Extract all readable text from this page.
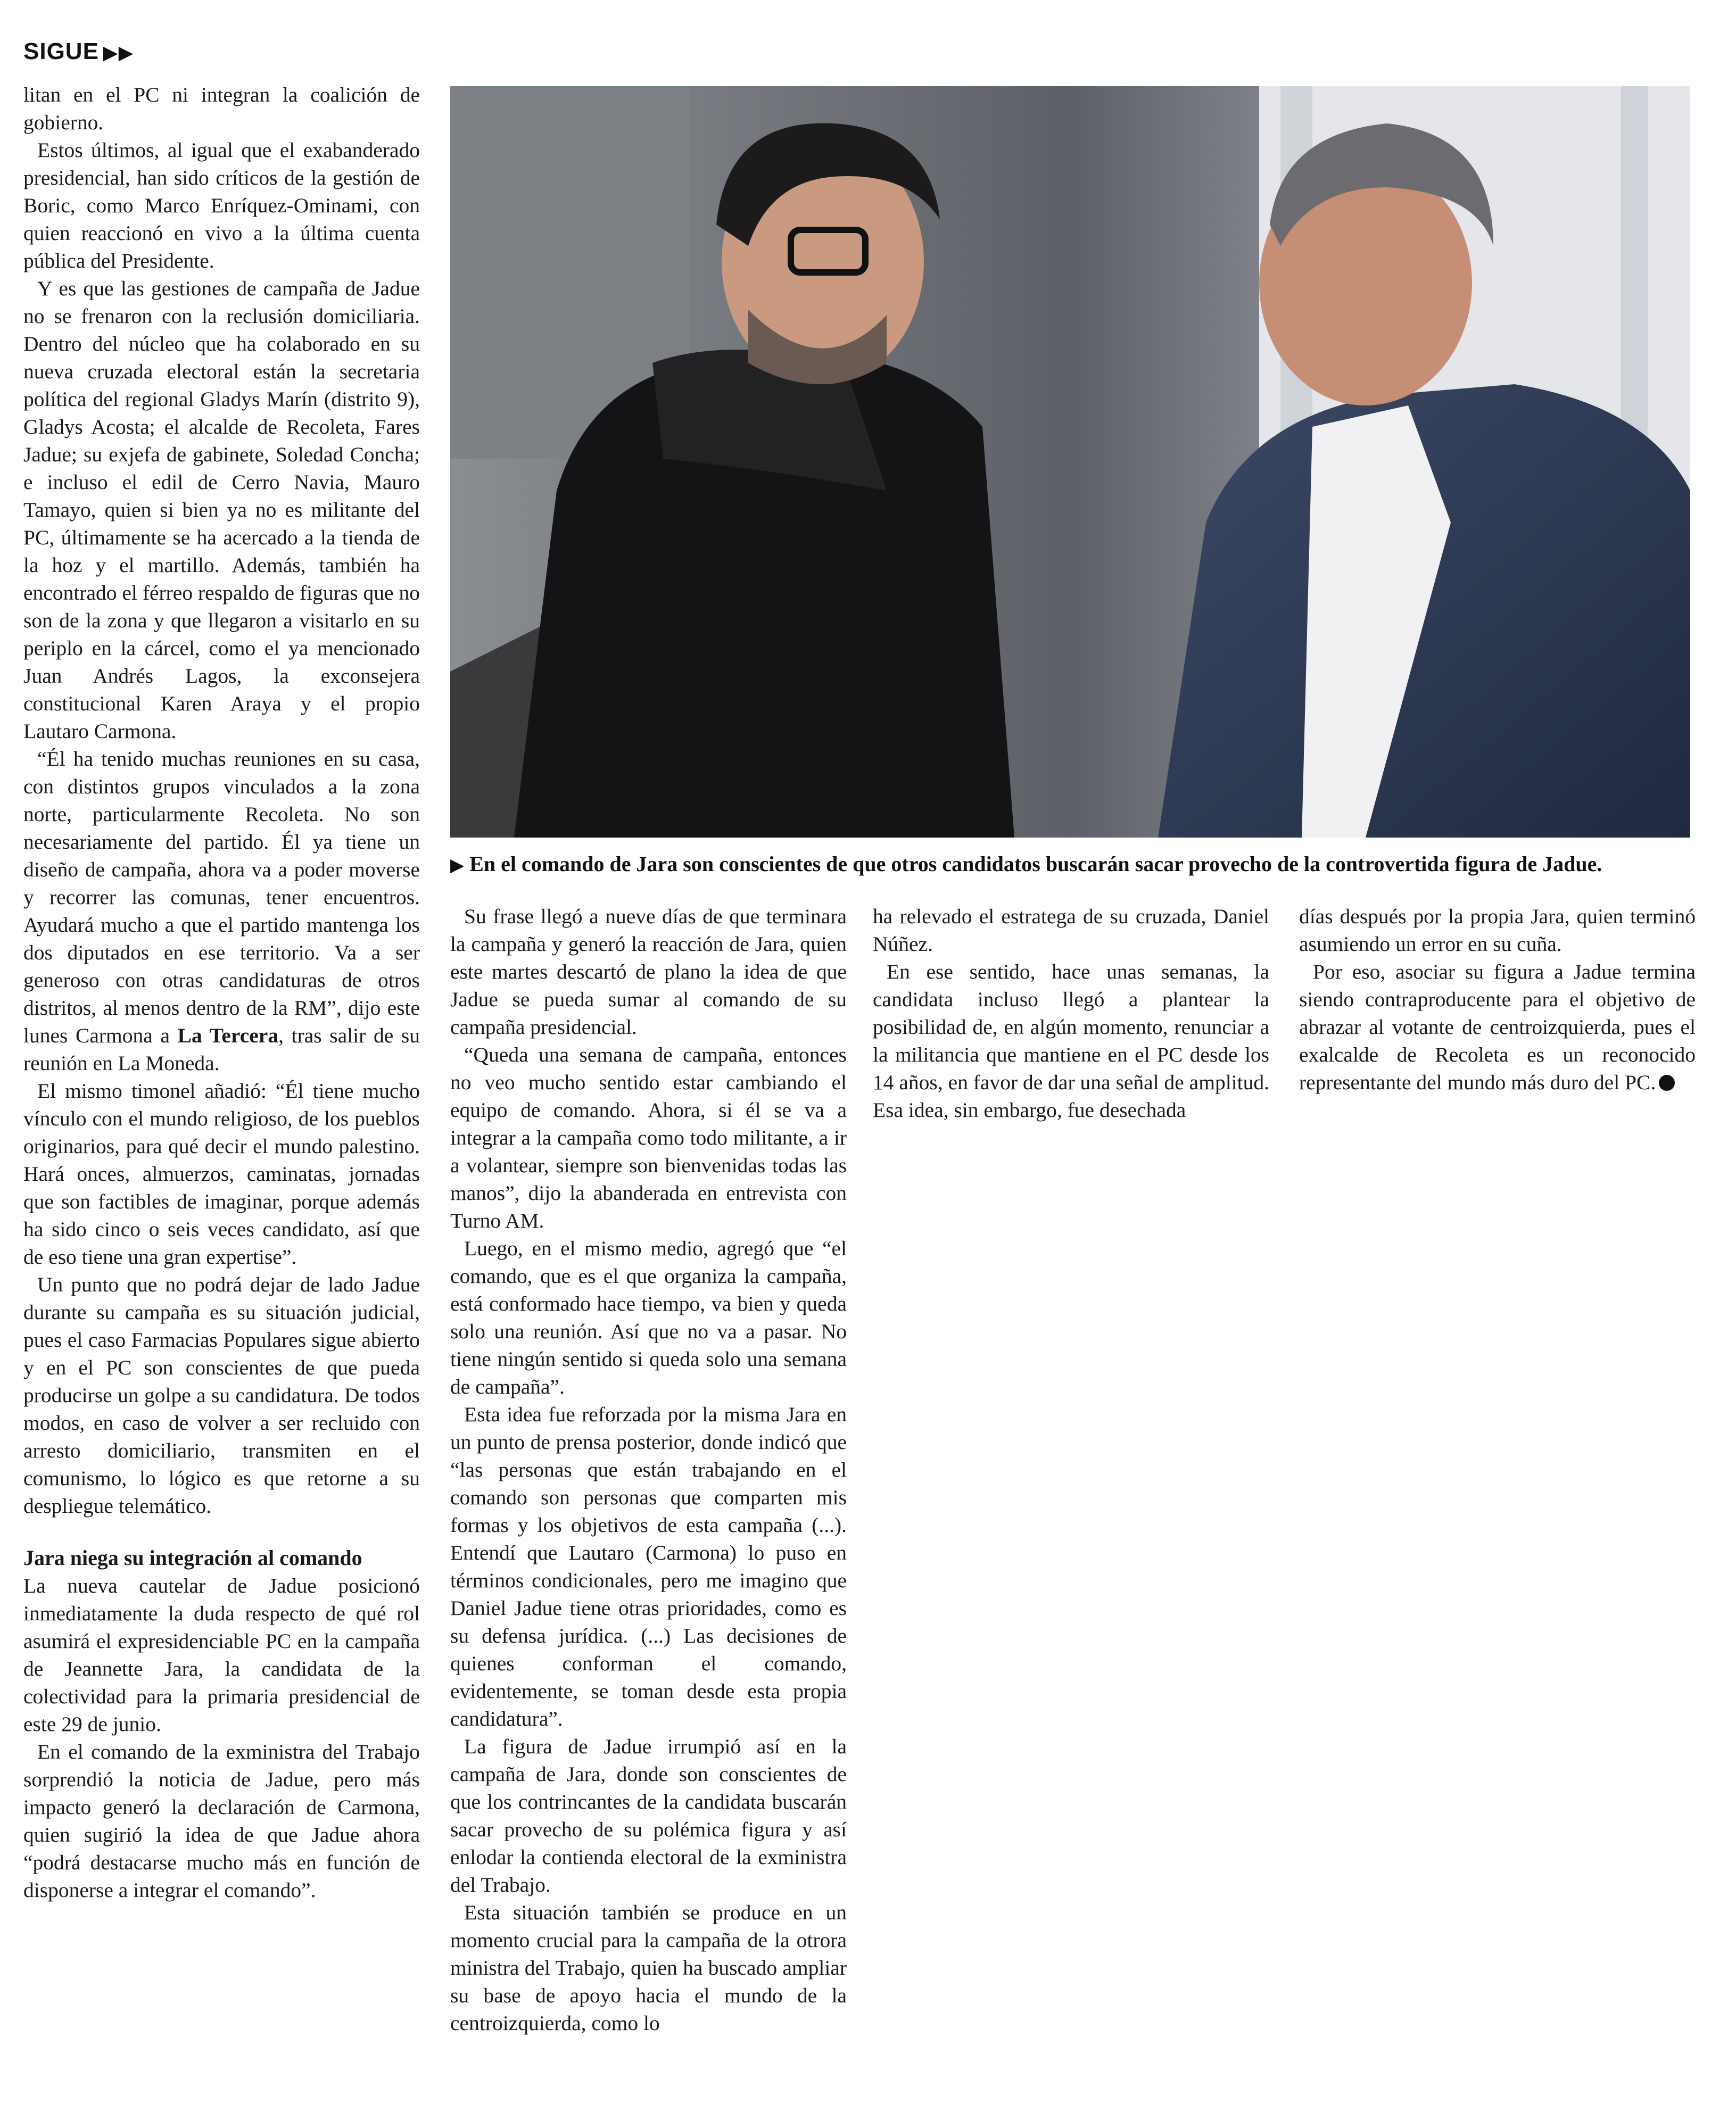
SIGUE ▶▶

litan en el PC ni integran la coalición de gobierno.

Estos últimos, al igual que el exabanderado presidencial, han sido críticos de la gestión de Boric, como Marco Enríquez-Ominami, con quien reaccionó en vivo a la última cuenta pública del Presidente.

Y es que las gestiones de campaña de Jadue no se frenaron con la reclusión domiciliaria. Dentro del núcleo que ha colaborado en su nueva cruzada electoral están la secretaria política del regional Gladys Marín (distrito 9), Gladys Acosta; el alcalde de Recoleta, Fares Jadue; su exjefa de gabinete, Soledad Concha; e incluso el edil de Cerro Navia, Mauro Tamayo, quien si bien ya no es militante del PC, últimamente se ha acercado a la tienda de la hoz y el martillo. Además, también ha encontrado el férreo respaldo de figuras que no son de la zona y que llegaron a visitarlo en su periplo en la cárcel, como el ya mencionado Juan Andrés Lagos, la exconsejera constitucional Karen Araya y el propio Lautaro Carmona.

“Él ha tenido muchas reuniones en su casa, con distintos grupos vinculados a la zona norte, particularmente Recoleta. No son necesariamente del partido. Él ya tiene un diseño de campaña, ahora va a poder moverse y recorrer las comunas, tener encuentros. Ayudará mucho a que el partido mantenga los dos diputados en ese territorio. Va a ser generoso con otras candidaturas de otros distritos, al menos dentro de la RM”, dijo este lunes Carmona a La Tercera, tras salir de su reunión en La Moneda.

El mismo timonel añadió: “Él tiene mucho vínculo con el mundo religioso, de los pueblos originarios, para qué decir el mundo palestino. Hará onces, almuerzos, caminatas, jornadas que son factibles de imaginar, porque además ha sido cinco o seis veces candidato, así que de eso tiene una gran expertise”.

Un punto que no podrá dejar de lado Jadue durante su campaña es su situación judicial, pues el caso Farmacias Populares sigue abierto y en el PC son conscientes de que pueda producirse un golpe a su candidatura. De todos modos, en caso de volver a ser recluido con arresto domiciliario, transmiten en el comunismo, lo lógico es que retorne a su despliegue telemático.

Jara niega su integración al comando

La nueva cautelar de Jadue posicionó inmediatamente la duda respecto de qué rol asumirá el expresidenciable PC en la campaña de Jeannette Jara, la candidata de la colectividad para la primaria presidencial de este 29 de junio.

En el comando de la exministra del Trabajo sorprendió la noticia de Jadue, pero más impacto generó la declaración de Carmona, quien sugirió la idea de que Jadue ahora “podrá destacarse mucho más en función de disponerse a integrar el comando”.

▶ En el comando de Jara son conscientes de que otros candidatos buscarán sacar provecho de la controvertida figura de Jadue.

Su frase llegó a nueve días de que terminara la campaña y generó la reacción de Jara, quien este martes descartó de plano la idea de que Jadue se pueda sumar al comando de su campaña presidencial.

“Queda una semana de campaña, entonces no veo mucho sentido estar cambiando el equipo de comando. Ahora, si él se va a integrar a la campaña como todo militante, a ir a volantear, siempre son bienvenidas todas las manos”, dijo la abanderada en entrevista con Turno AM.

Luego, en el mismo medio, agregó que “el comando, que es el que organiza la campaña, está conformado hace tiempo, va bien y queda solo una reunión. Así que no va a pasar. No tiene ningún sentido si queda solo una semana de campaña”.

Esta idea fue reforzada por la misma Jara en un punto de prensa posterior, donde indicó que “las personas que están trabajando en el comando son personas que comparten mis formas y los objetivos de esta campaña (...). Entendí que Lautaro (Carmona) lo puso en términos condicionales, pero me imagino que Daniel Jadue tiene otras prioridades, como es su defensa jurídica. (...) Las decisiones de quienes conforman el comando, evidentemente, se toman desde esta propia candidatura”.

La figura de Jadue irrumpió así en la campaña de Jara, donde son conscientes de que los contrincantes de la candidata buscarán sacar provecho de su polémica figura y así enlodar la contienda electoral de la exministra del Trabajo.

Esta situación también se produce en un momento crucial para la campaña de la otrora ministra del Trabajo, quien ha buscado ampliar su base de apoyo hacia el mundo de la centroizquierda, como lo

ha relevado el estratega de su cruzada, Daniel Núñez.

En ese sentido, hace unas semanas, la candidata incluso llegó a plantear la posibilidad de, en algún momento, renunciar a la militancia que mantiene en el PC desde los 14 años, en favor de dar una señal de amplitud. Esa idea, sin embargo, fue desechada

días después por la propia Jara, quien terminó asumiendo un error en su cuña.

Por eso, asociar su figura a Jadue termina siendo contraproducente para el objetivo de abrazar al votante de centroizquierda, pues el exalcalde de Recoleta es un reconocido representante del mundo más duro del PC.
